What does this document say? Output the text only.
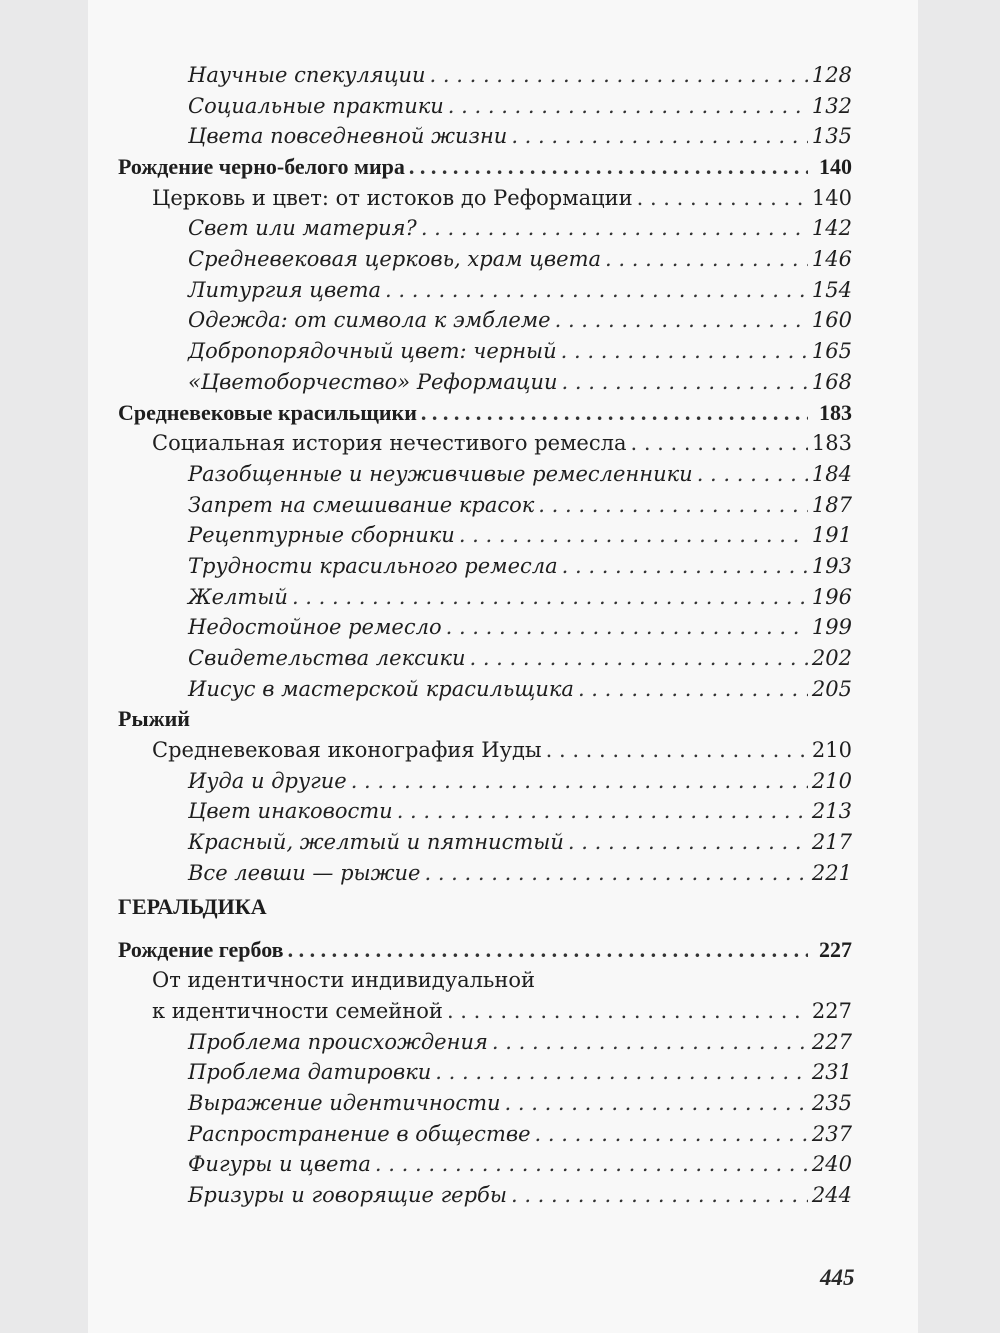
Научные спекуляции . . .	128
Социальные практики . . .	132
Цвета повседневной жизни . . .	135
Рождение черно-белого мира . . .	140
Церковь и цвет: от истоков до Реформации . . .	140
Свет или материя? . . .	142
Средневековая церковь, храм цвета . . .	146
Литургия цвета . . .	154
Одежда: от символа к эмблеме . . .	160
Добропорядочный цвет: черный . . .	165
«Цветоборчество» Реформации . . .	168
Средневековые красильщики . . .	183
Социальная история нечестивого ремесла . . .	183
Разобщенные и неуживчивые ремесленники . . .	184
Запрет на смешивание красок . . .	187
Рецептурные сборники . . .	191
Трудности красильного ремесла . . .	193
Желтый . . .	196
Недостойное ремесло . . .	199
Свидетельства лексики . . .	202
Иисус в мастерской красильщика . . .	205
Рыжий
Средневековая иконография Иуды . . .	210
Иуда и другие . . .	210
Цвет инаковости . . .	213
Красный, желтый и пятнистый . . .	217
Все левши — рыжие . . .	221
ГЕРАЛЬДИКА
Рождение гербов . . .	227
От идентичности индивидуальной
к идентичности семейной . . .	227
Проблема происхождения . . .	227
Проблема датировки . . .	231
Выражение идентичности . . .	235
Распространение в обществе . . .	237
Фигуры и цвета . . .	240
Бризуры и говорящие гербы . . .	244
445
